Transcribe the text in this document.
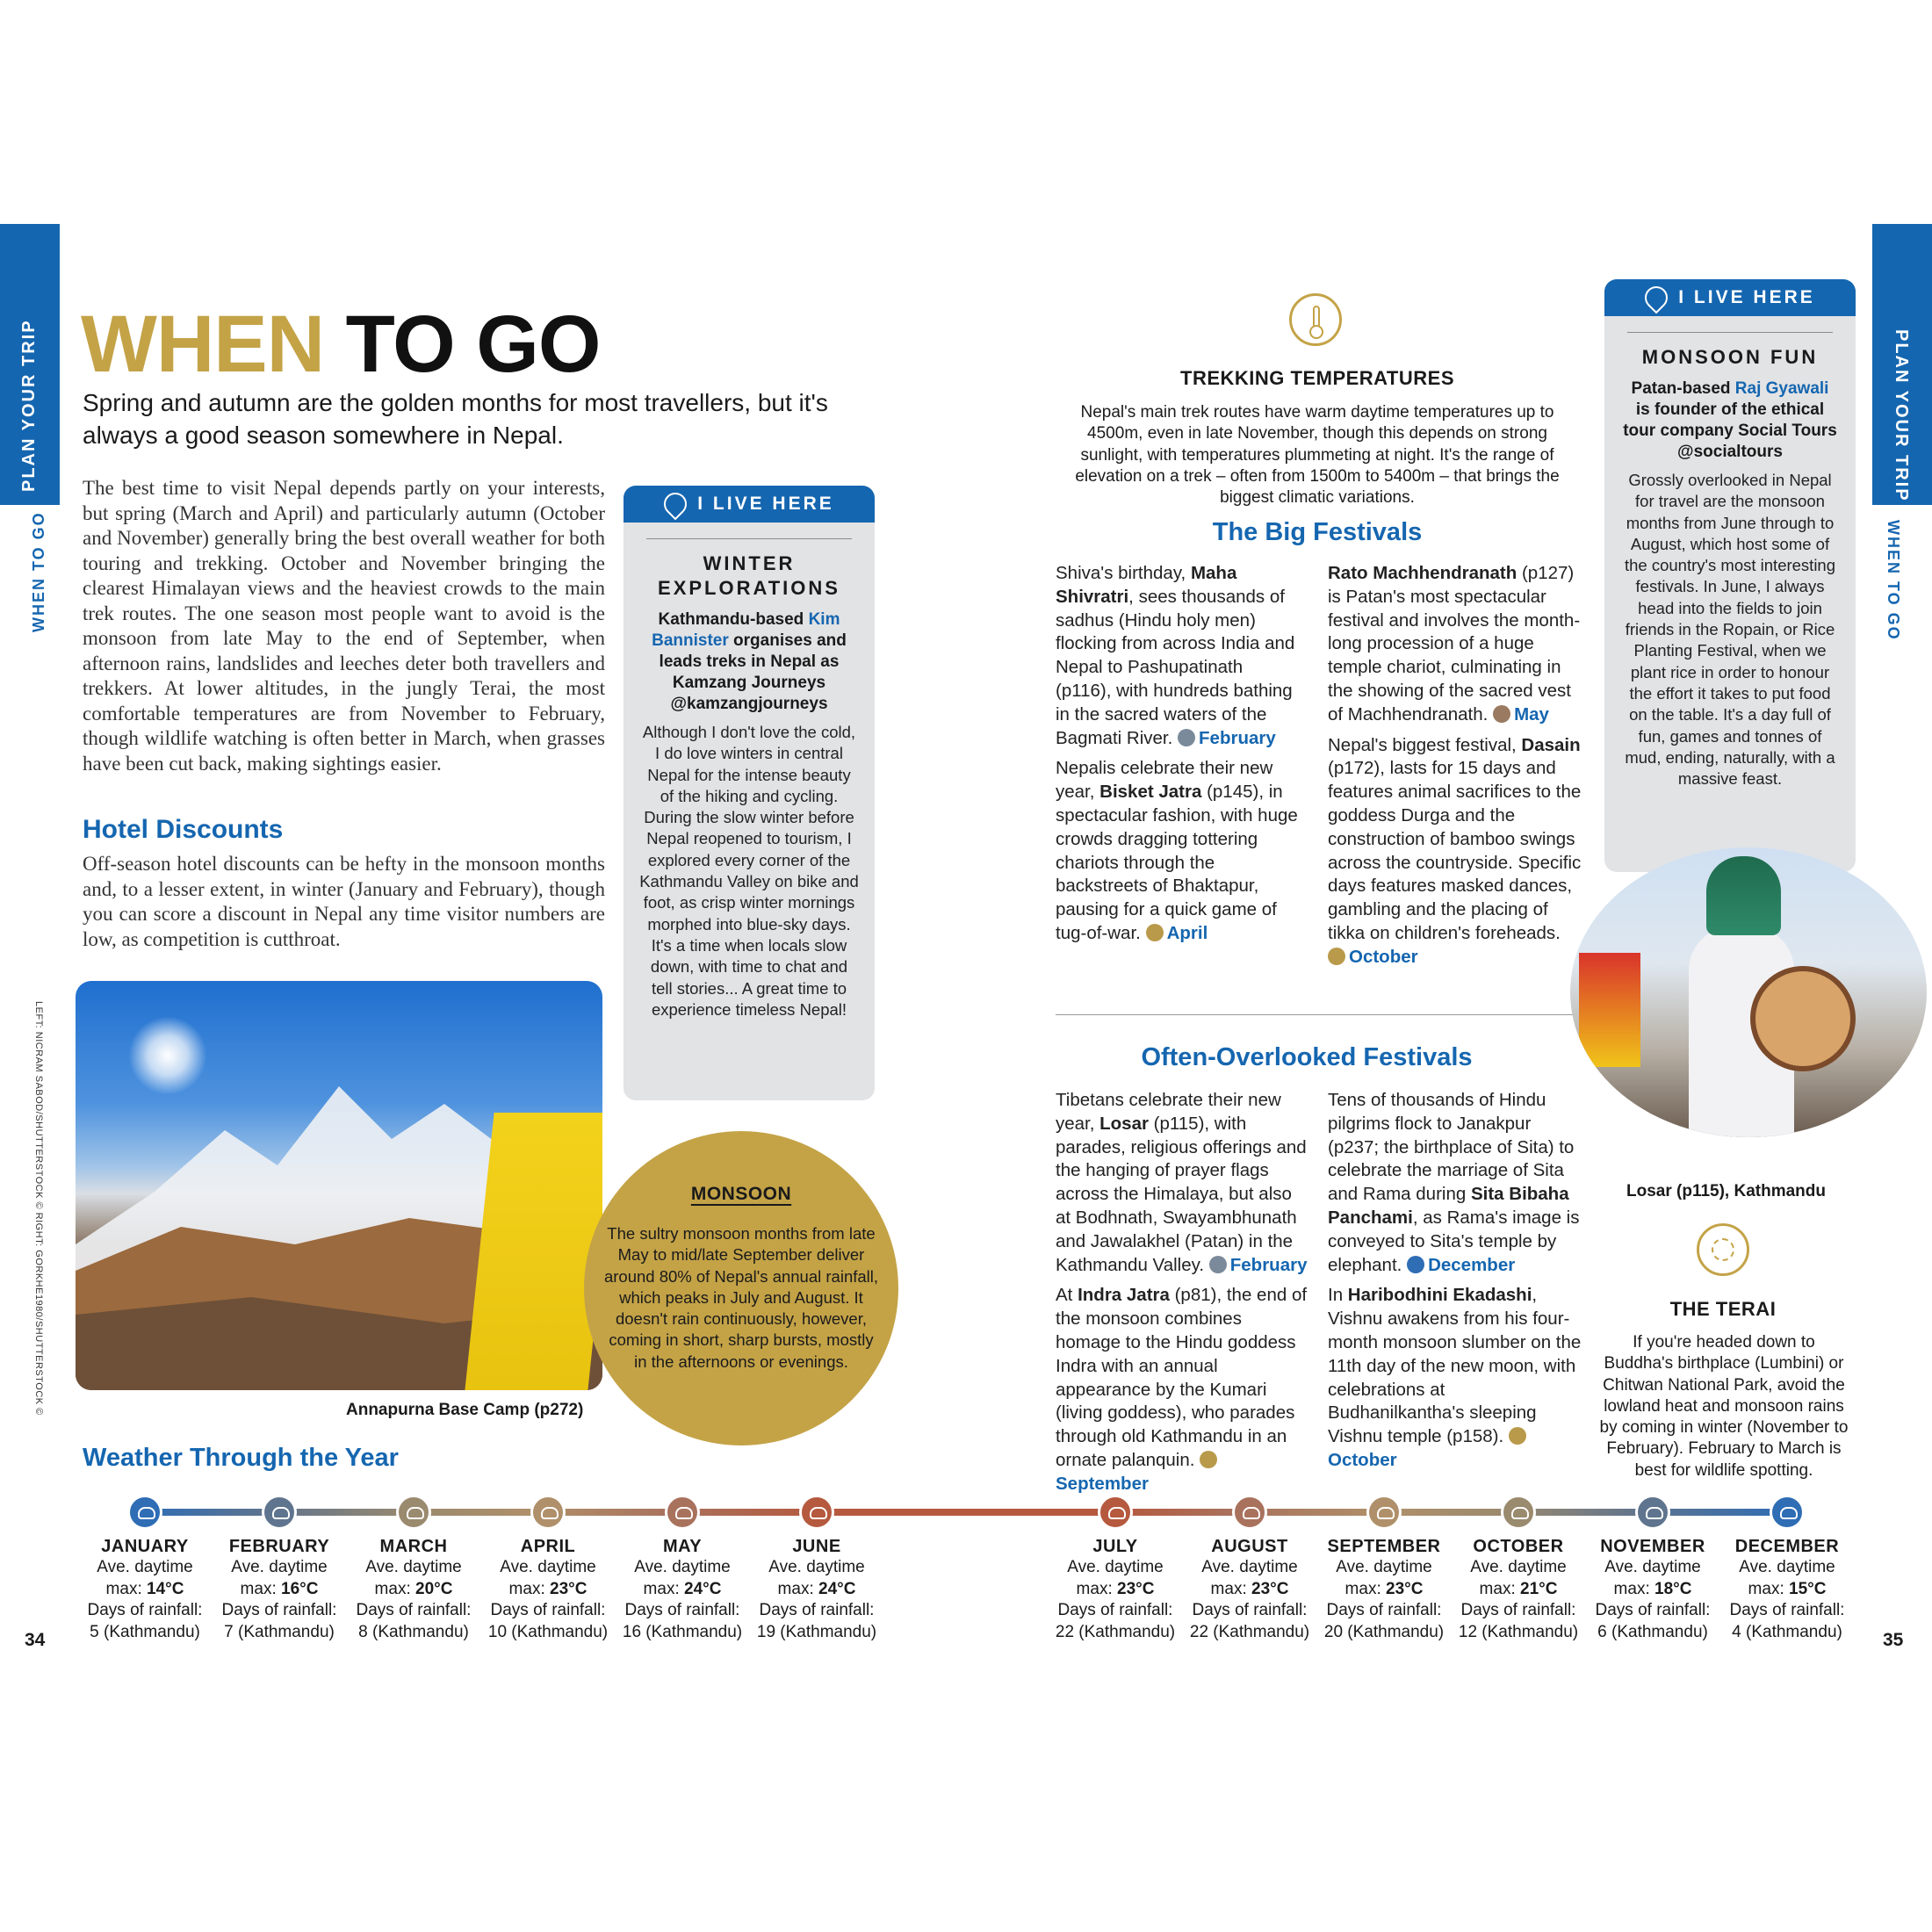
PLAN YOUR TRIP
WHEN TO GO
34
PLAN YOUR TRIP
WHEN TO GO
35
WHEN TO GO
Spring and autumn are the golden months for most travellers, but it's always a good season somewhere in Nepal.
The best time to visit Nepal depends partly on your interests, but spring (March and April) and particularly autumn (October and November) generally bring the best overall weather for both touring and trekking. October and November bringing the clearest Himalayan views and the heaviest crowds to the main trek routes. The one season most people want to avoid is the monsoon from late May to the end of September, when afternoon rains, landslides and leeches deter both travellers and trekkers. At lower altitudes, in the jungly Terai, the most comfortable temperatures are from November to February, though wildlife watching is often better in March, when grasses have been cut back, making sightings easier.
Hotel Discounts
Off-season hotel discounts can be hefty in the monsoon months and, to a lesser extent, in winter (January and February), though you can score a discount in Nepal any time visitor numbers are low, as competition is cutthroat.
LEFT: NICRAM SABOD/SHUTTERSTOCK © RIGHT: GORKHE1980/SHUTTERSTOCK ©	Annapurna Base Camp (p272)
I LIVE HERE
WINTER EXPLORATIONS
Kathmandu-based Kim Bannister organises and leads treks in Nepal as Kamzang Journeys @kamzangjourneys
Although I don't love the cold, I do love winters in central Nepal for the intense beauty of the hiking and cycling. During the slow winter before Nepal reopened to tourism, I explored every corner of the Kathmandu Valley on bike and foot, as crisp winter mornings morphed into blue-sky days. It's a time when locals slow down, with time to chat and tell stories... A great time to experience timeless Nepal!
MONSOON
The sultry monsoon months from late May to mid/late September deliver around 80% of Nepal's annual rainfall, which peaks in July and August. It doesn't rain continuously, however, coming in short, sharp bursts, mostly in the afternoons or evenings.
TREKKING TEMPERATURES
Nepal's main trek routes have warm daytime temperatures up to 4500m, even in late November, though this depends on strong sunlight, with temperatures plummeting at night. It's the range of elevation on a trek – often from 1500m to 5400m – that brings the biggest climatic variations.
The Big Festivals

Shiva's birthday, Maha Shivratri, sees thousands of sadhus (Hindu holy men) flocking from across India and Nepal to Pashupatinath (p116), with hundreds bathing in the sacred waters of the Bagmati River. February

Nepalis celebrate their new year, Bisket Jatra (p145), in spectacular fashion, with huge crowds dragging tottering chariots through the backstreets of Bhaktapur, pausing for a quick game of tug-of-war. April

Rato Machhendranath (p127) is Patan's most spectacular festival and involves the month-long procession of a huge temple chariot, culminating in the showing of the sacred vest of Machhendranath. May

Nepal's biggest festival, Dasain (p172), lasts for 15 days and features animal sacrifices to the goddess Durga and the construction of bamboo swings across the countryside. Specific days features masked dances, gambling and the placing of tikka on children's foreheads. October

Often-Overlooked Festivals

Tibetans celebrate their new year, Losar (p115), with parades, religious offerings and the hanging of prayer flags across the Himalaya, but also at Bodhnath, Swayambhunath and Jawalakhel (Patan) in the Kathmandu Valley. February

At Indra Jatra (p81), the end of the monsoon combines homage to the Hindu goddess Indra with an annual appearance by the Kumari (living goddess), who parades through old Kathmandu in an ornate palanquin. September

Tens of thousands of Hindu pilgrims flock to Janakpur (p237; the birthplace of Sita) to celebrate the marriage of Sita and Rama during Sita Bibaha Panchami, as Rama's image is conveyed to Sita's temple by elephant. December

In Haribodhini Ekadashi, Vishnu awakens from his four-month monsoon slumber on the 11th day of the new moon, with celebrations at Budhanilkantha's sleeping Vishnu temple (p158). October

I LIVE HERE
MONSOON FUN
Patan-based Raj Gyawali is founder of the ethical tour company Social Tours @socialtours
Grossly overlooked in Nepal for travel are the monsoon months from June through to August, which host some of the country's most interesting festivals. In June, I always head into the fields to join friends in the Ropain, or Rice Planting Festival, when we plant rice in order to honour the effort it takes to put food on the table. It's a day full of fun, games and tonnes of mud, ending, naturally, with a massive feast.
Losar (p115), Kathmandu
THE TERAI
If you're headed down to Buddha's birthplace (Lumbini) or Chitwan National Park, avoid the lowland heat and monsoon rains by coming in winter (November to February). February to March is best for wildlife spotting.
Weather Through the Year
JANUARY
Ave. daytime
max: 14°C
Days of rainfall:
5 (Kathmandu)
FEBRUARY
Ave. daytime
max: 16°C
Days of rainfall:
7 (Kathmandu)
MARCH
Ave. daytime
max: 20°C
Days of rainfall:
8 (Kathmandu)
APRIL
Ave. daytime
max: 23°C
Days of rainfall:
10 (Kathmandu)
MAY
Ave. daytime
max: 24°C
Days of rainfall:
16 (Kathmandu)
JUNE
Ave. daytime
max: 24°C
Days of rainfall:
19 (Kathmandu)
JULY
Ave. daytime
max: 23°C
Days of rainfall:
22 (Kathmandu)
AUGUST
Ave. daytime
max: 23°C
Days of rainfall:
22 (Kathmandu)
SEPTEMBER
Ave. daytime
max: 23°C
Days of rainfall:
20 (Kathmandu)
OCTOBER
Ave. daytime
max: 21°C
Days of rainfall:
12 (Kathmandu)
NOVEMBER
Ave. daytime
max: 18°C
Days of rainfall:
6 (Kathmandu)
DECEMBER
Ave. daytime
max: 15°C
Days of rainfall:
4 (Kathmandu)
